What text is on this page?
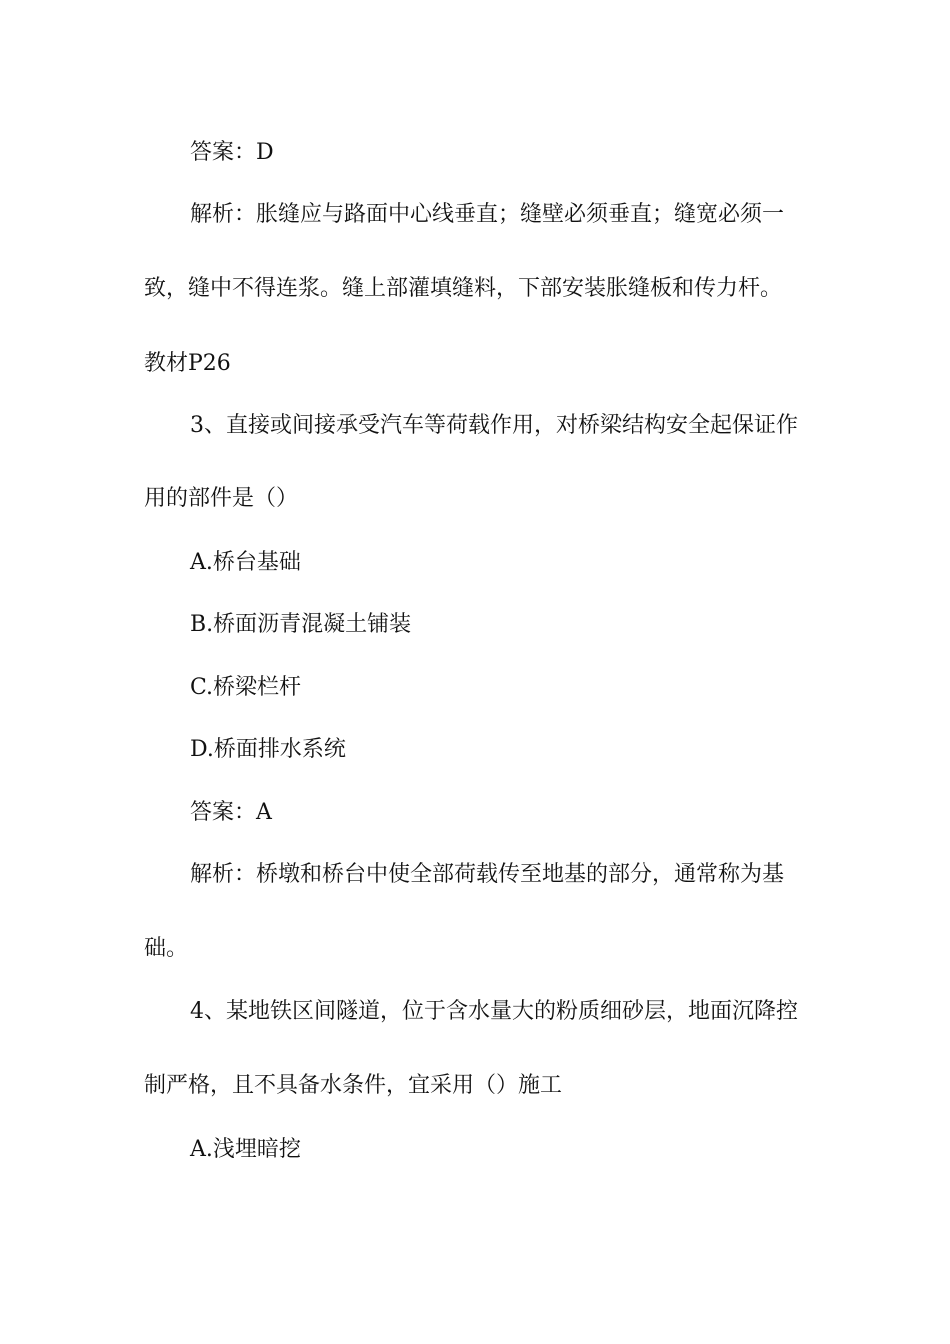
答案：D
解析：胀缝应与路面中心线垂直；缝壁必须垂直；缝宽必须一
致，缝中不得连浆。缝上部灌填缝料，下部安装胀缝板和传力杆。
教材P26
3、直接或间接承受汽车等荷载作用，对桥梁结构安全起保证作
用的部件是（）
A.桥台基础
B.桥面沥青混凝土铺装
C.桥梁栏杆
D.桥面排水系统
答案：A
解析：桥墩和桥台中使全部荷载传至地基的部分，通常称为基
础。
4、某地铁区间隧道，位于含水量大的粉质细砂层，地面沉降控
制严格，且不具备水条件，宜采用（）施工
A.浅埋暗挖
